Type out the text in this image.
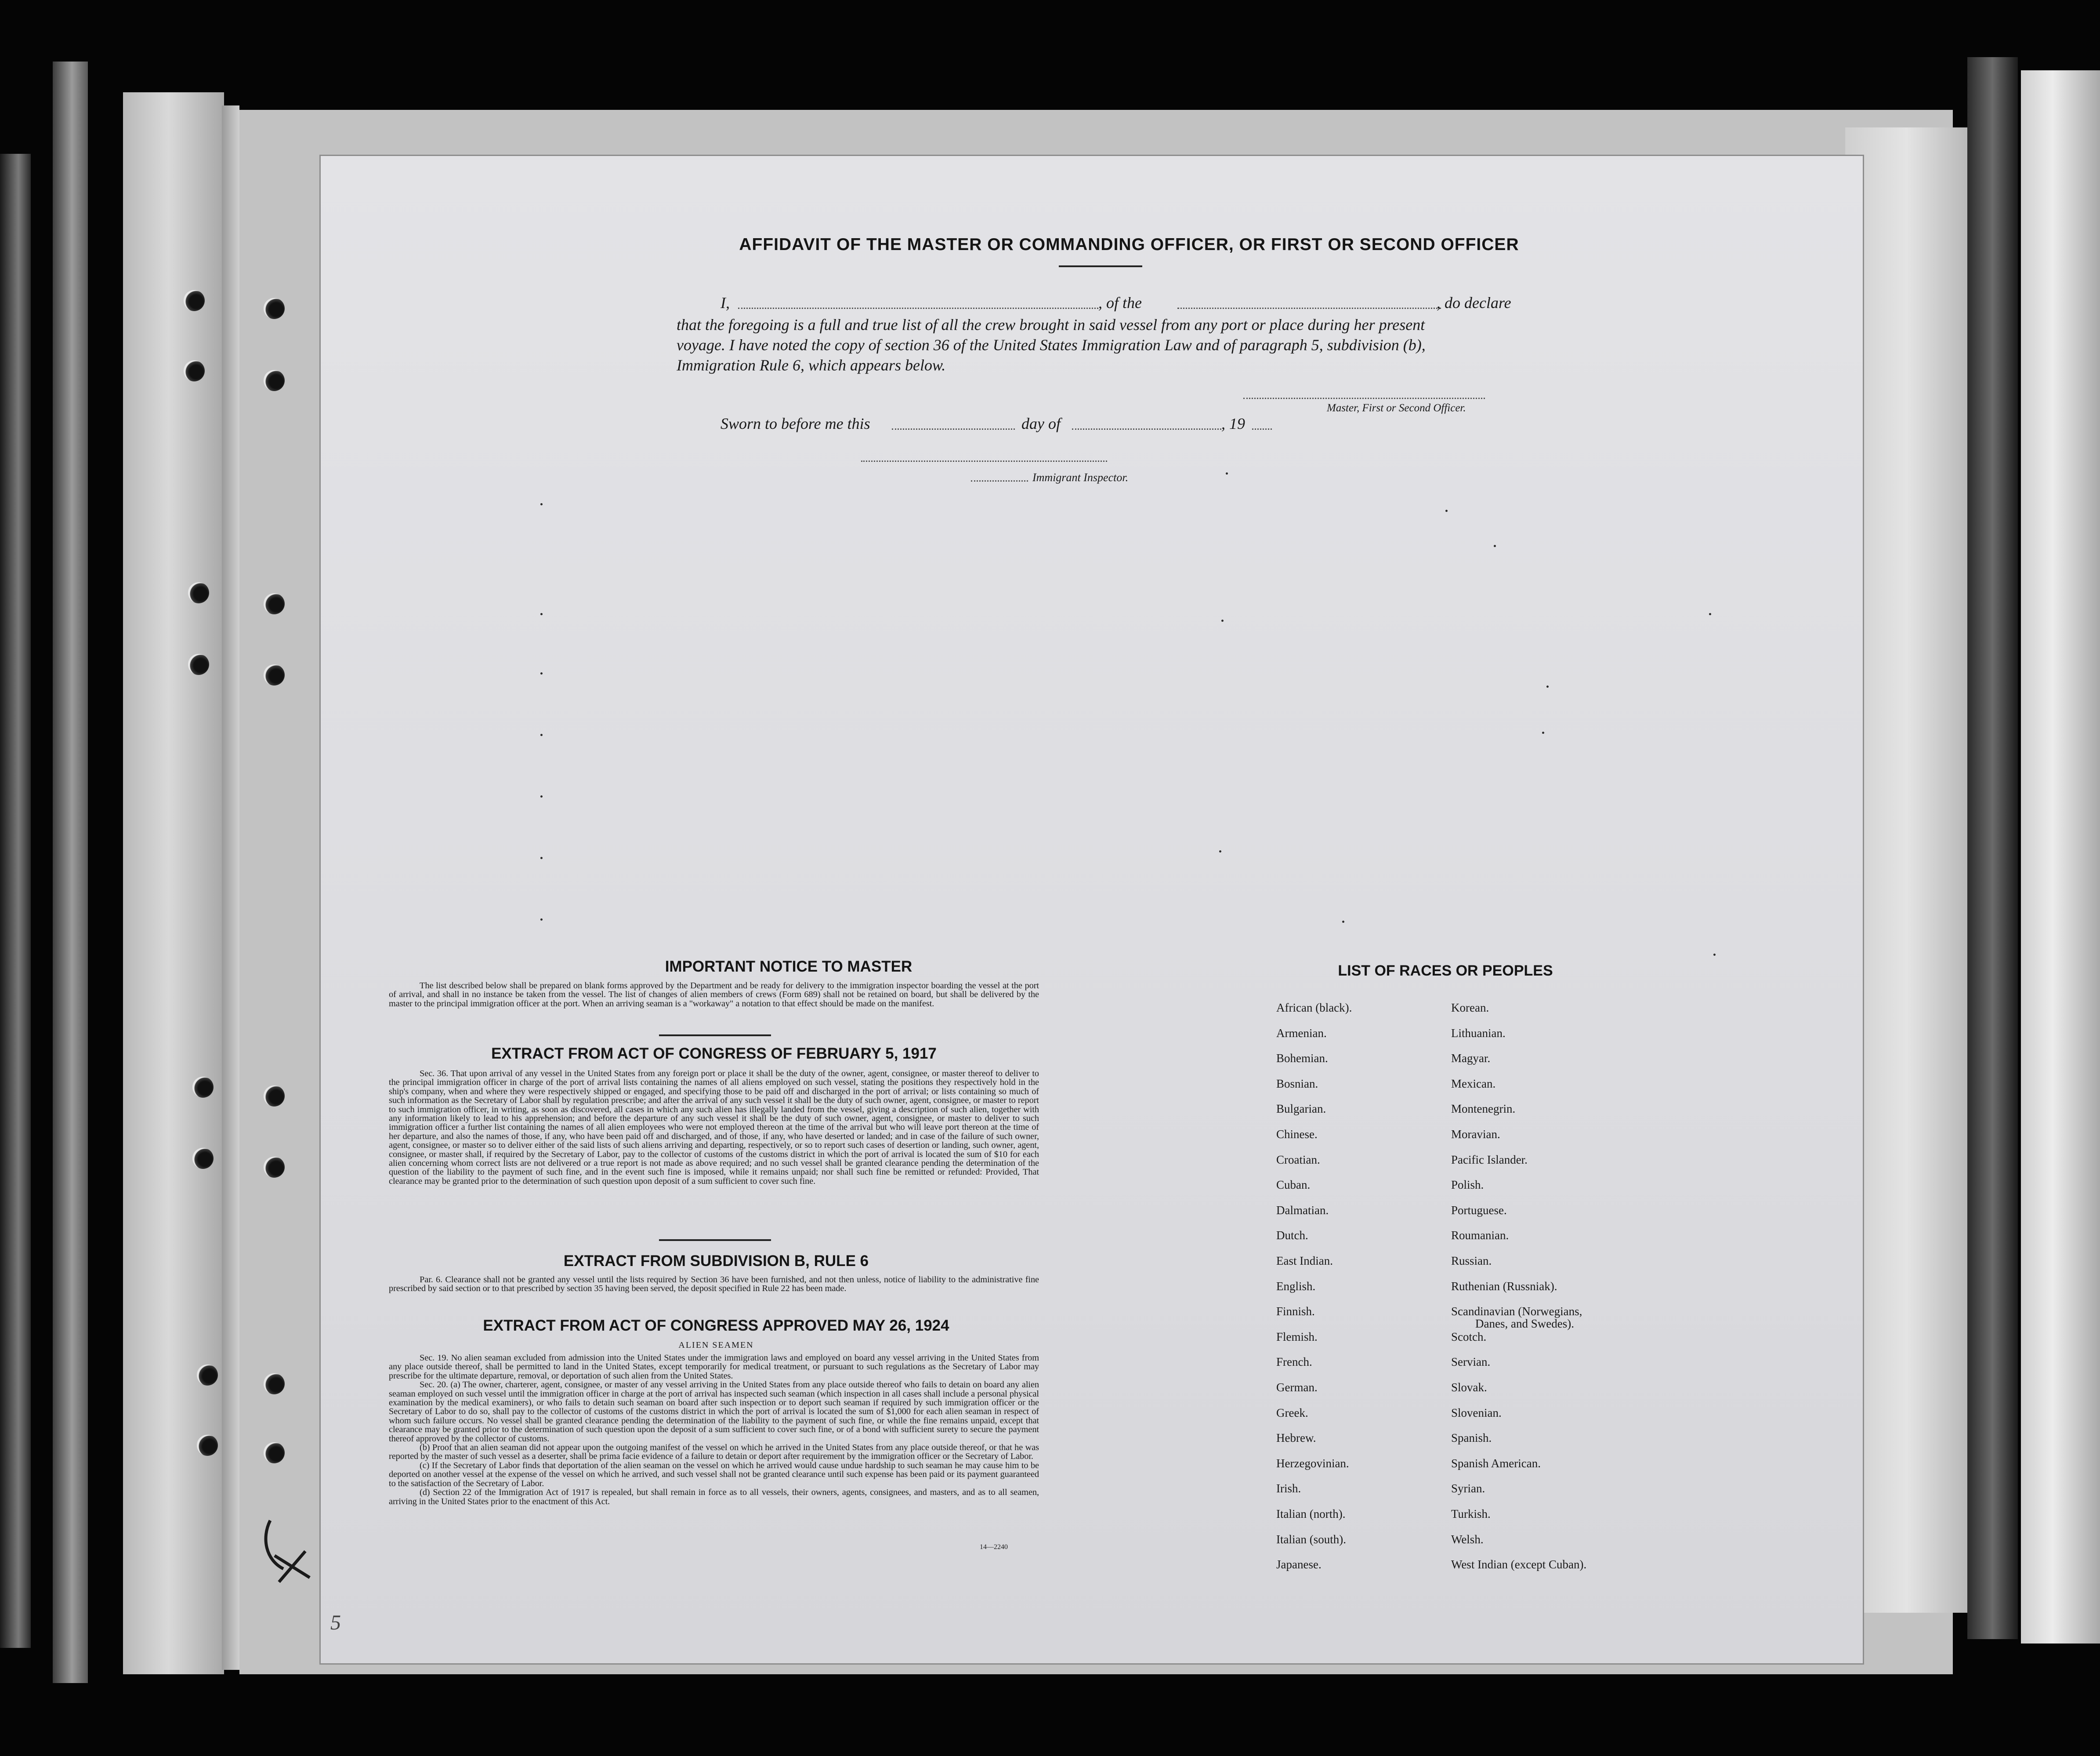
AFFIDAVIT OF THE MASTER OR COMMANDING OFFICER, OR FIRST OR SECOND OFFICER
I,	, of the	, do declare
that the foregoing is a full and true list of all the crew brought in said vessel from any port or place during her present
voyage. I have noted the copy of section 36 of the United States Immigration Law and of paragraph 5, subdivision (b),
Immigration Rule 6, which appears below.
Master, First or Second Officer.
Sworn to before me this	day of	, 19
Immigrant Inspector.
IMPORTANT NOTICE TO MASTER

The list described below shall be prepared on blank forms approved by the Department and be ready for delivery to the immigration inspector boarding the vessel at the port of arrival, and shall in no instance be taken from the vessel. The list of changes of alien members of crews (Form 689) shall not be retained on board, but shall be delivered by the master to the principal immigration officer at the port. When an arriving seaman is a "workaway" a notation to that effect should be made on the manifest.

EXTRACT FROM ACT OF CONGRESS OF FEBRUARY 5, 1917

Sec. 36. That upon arrival of any vessel in the United States from any foreign port or place it shall be the duty of the owner, agent, consignee, or master thereof to deliver to the principal immigration officer in charge of the port of arrival lists containing the names of all aliens employed on such vessel, stating the positions they respectively hold in the ship's company, when and where they were respectively shipped or engaged, and specifying those to be paid off and discharged in the port of arrival; or lists containing so much of such information as the Secretary of Labor shall by regulation prescribe; and after the arrival of any such vessel it shall be the duty of such owner, agent, consignee, or master to report to such immigration officer, in writing, as soon as discovered, all cases in which any such alien has illegally landed from the vessel, giving a description of such alien, together with any information likely to lead to his apprehension; and before the departure of any such vessel it shall be the duty of such owner, agent, consignee, or master to deliver to such immigration officer a further list containing the names of all alien employees who were not employed thereon at the time of the arrival but who will leave port thereon at the time of her departure, and also the names of those, if any, who have been paid off and discharged, and of those, if any, who have deserted or landed; and in case of the failure of such owner, agent, consignee, or master so to deliver either of the said lists of such aliens arriving and departing, respectively, or so to report such cases of desertion or landing, such owner, agent, consignee, or master shall, if required by the Secretary of Labor, pay to the collector of customs of the customs district in which the port of arrival is located the sum of $10 for each alien concerning whom correct lists are not delivered or a true report is not made as above required; and no such vessel shall be granted clearance pending the determination of the question of the liability to the payment of such fine, and in the event such fine is imposed, while it remains unpaid; nor shall such fine be remitted or refunded: Provided, That clearance may be granted prior to the determination of such question upon deposit of a sum sufficient to cover such fine.

EXTRACT FROM SUBDIVISION B, RULE 6

Par. 6. Clearance shall not be granted any vessel until the lists required by Section 36 have been furnished, and not then unless, notice of liability to the administrative fine prescribed by said section or to that prescribed by section 35 having been served, the deposit specified in Rule 22 has been made.

EXTRACT FROM ACT OF CONGRESS APPROVED MAY 26, 1924
ALIEN SEAMEN

Sec. 19. No alien seaman excluded from admission into the United States under the immigration laws and employed on board any vessel arriving in the United States from any place outside thereof, shall be permitted to land in the United States, except temporarily for medical treatment, or pursuant to such regulations as the Secretary of Labor may prescribe for the ultimate departure, removal, or deportation of such alien from the United States.

Sec. 20. (a) The owner, charterer, agent, consignee, or master of any vessel arriving in the United States from any place outside thereof who fails to detain on board any alien seaman employed on such vessel until the immigration officer in charge at the port of arrival has inspected such seaman (which inspection in all cases shall include a personal physical examination by the medical examiners), or who fails to detain such seaman on board after such inspection or to deport such seaman if required by such immigration officer or the Secretary of Labor to do so, shall pay to the collector of customs of the customs district in which the port of arrival is located the sum of $1,000 for each alien seaman in respect of whom such failure occurs. No vessel shall be granted clearance pending the determination of the liability to the payment of such fine, or while the fine remains unpaid, except that clearance may be granted prior to the determination of such question upon the deposit of a sum sufficient to cover such fine, or of a bond with sufficient surety to secure the payment thereof approved by the collector of customs.

(b) Proof that an alien seaman did not appear upon the outgoing manifest of the vessel on which he arrived in the United States from any place outside thereof, or that he was reported by the master of such vessel as a deserter, shall be prima facie evidence of a failure to detain or deport after requirement by the immigration officer or the Secretary of Labor.

(c) If the Secretary of Labor finds that deportation of the alien seaman on the vessel on which he arrived would cause undue hardship to such seaman he may cause him to be deported on another vessel at the expense of the vessel on which he arrived, and such vessel shall not be granted clearance until such expense has been paid or its payment guaranteed to the satisfaction of the Secretary of Labor.

(d) Section 22 of the Immigration Act of 1917 is repealed, but shall remain in force as to all vessels, their owners, agents, consignees, and masters, and as to all seamen, arriving in the United States prior to the enactment of this Act.

14—2240
LIST OF RACES OR PEOPLES
African (black).
Armenian.
Bohemian.
Bosnian.
Bulgarian.
Chinese.
Croatian.
Cuban.
Dalmatian.
Dutch.
East Indian.
English.
Finnish.
Flemish.
French.
German.
Greek.
Hebrew.
Herzegovinian.
Irish.
Italian (north).
Italian (south).
Japanese.
Korean.
Lithuanian.
Magyar.
Mexican.
Montenegrin.
Moravian.
Pacific Islander.
Polish.
Portuguese.
Roumanian.
Russian.
Ruthenian (Russniak).
Scandinavian (Norwegians,
Danes, and Swedes).
Scotch.
Servian.
Slovak.
Slovenian.
Spanish.
Spanish American.
Syrian.
Turkish.
Welsh.
West Indian (except Cuban).
5
